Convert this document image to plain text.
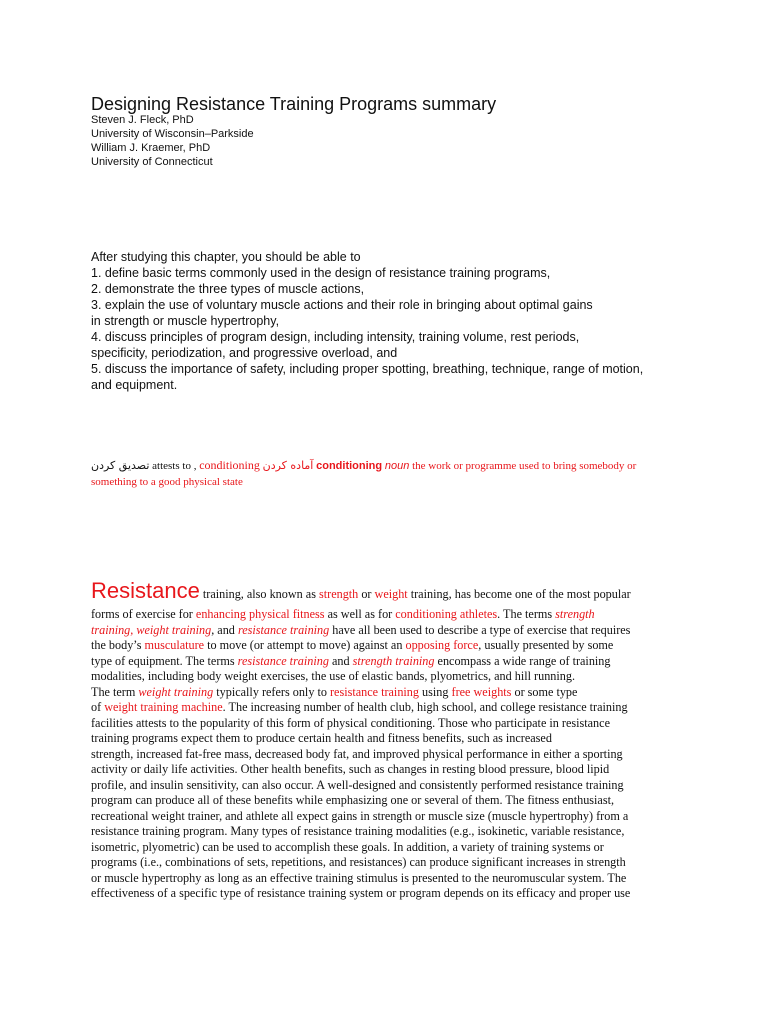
Designing Resistance Training Programs summary
Steven J. Fleck, PhD
University of Wisconsin–Parkside
William J. Kraemer, PhD
University of Connecticut
After studying this chapter, you should be able to
1. define basic terms commonly used in the design of resistance training programs,
2. demonstrate the three types of muscle actions,
3. explain the use of voluntary muscle actions and their role in bringing about optimal gains
in strength or muscle hypertrophy,
4. discuss principles of program design, including intensity, training volume, rest periods,
specificity, periodization, and progressive overload, and
5. discuss the importance of safety, including proper spotting, breathing, technique, range of motion,
and equipment.
تصدیق کردن attests to , conditioning آماده کردن conditioning noun the work or programme used to bring somebody or something to a good physical state
Resistance training, also known as strength or weight training, has become one of the most popular
forms of exercise for enhancing physical fitness as well as for conditioning athletes. The terms strength
training, weight training, and resistance training have all been used to describe a type of exercise that requires
the body’s musculature to move (or attempt to move) against an opposing force, usually presented by some
type of equipment. The terms resistance training and strength training encompass a wide range of training
modalities, including body weight exercises, the use of elastic bands, plyometrics, and hill running.
The term weight training typically refers only to resistance training using free weights or some type
of weight training machine. The increasing number of health club, high school, and college resistance training
facilities attests to the popularity of this form of physical conditioning. Those who participate in resistance
training programs expect them to produce certain health and fitness benefits, such as increased
strength, increased fat-free mass, decreased body fat, and improved physical performance in either a sporting
activity or daily life activities. Other health benefits, such as changes in resting blood pressure, blood lipid
profile, and insulin sensitivity, can also occur. A well-designed and consistently performed resistance training
program can produce all of these benefits while emphasizing one or several of them. The fitness enthusiast,
recreational weight trainer, and athlete all expect gains in strength or muscle size (muscle hypertrophy) from a
resistance training program. Many types of resistance training modalities (e.g., isokinetic, variable resistance,
isometric, plyometric) can be used to accomplish these goals. In addition, a variety of training systems or
programs (i.e., combinations of sets, repetitions, and resistances) can produce significant increases in strength
or muscle hypertrophy as long as an effective training stimulus is presented to the neuromuscular system. The
effectiveness of a specific type of resistance training system or program depends on its efficacy and proper use
